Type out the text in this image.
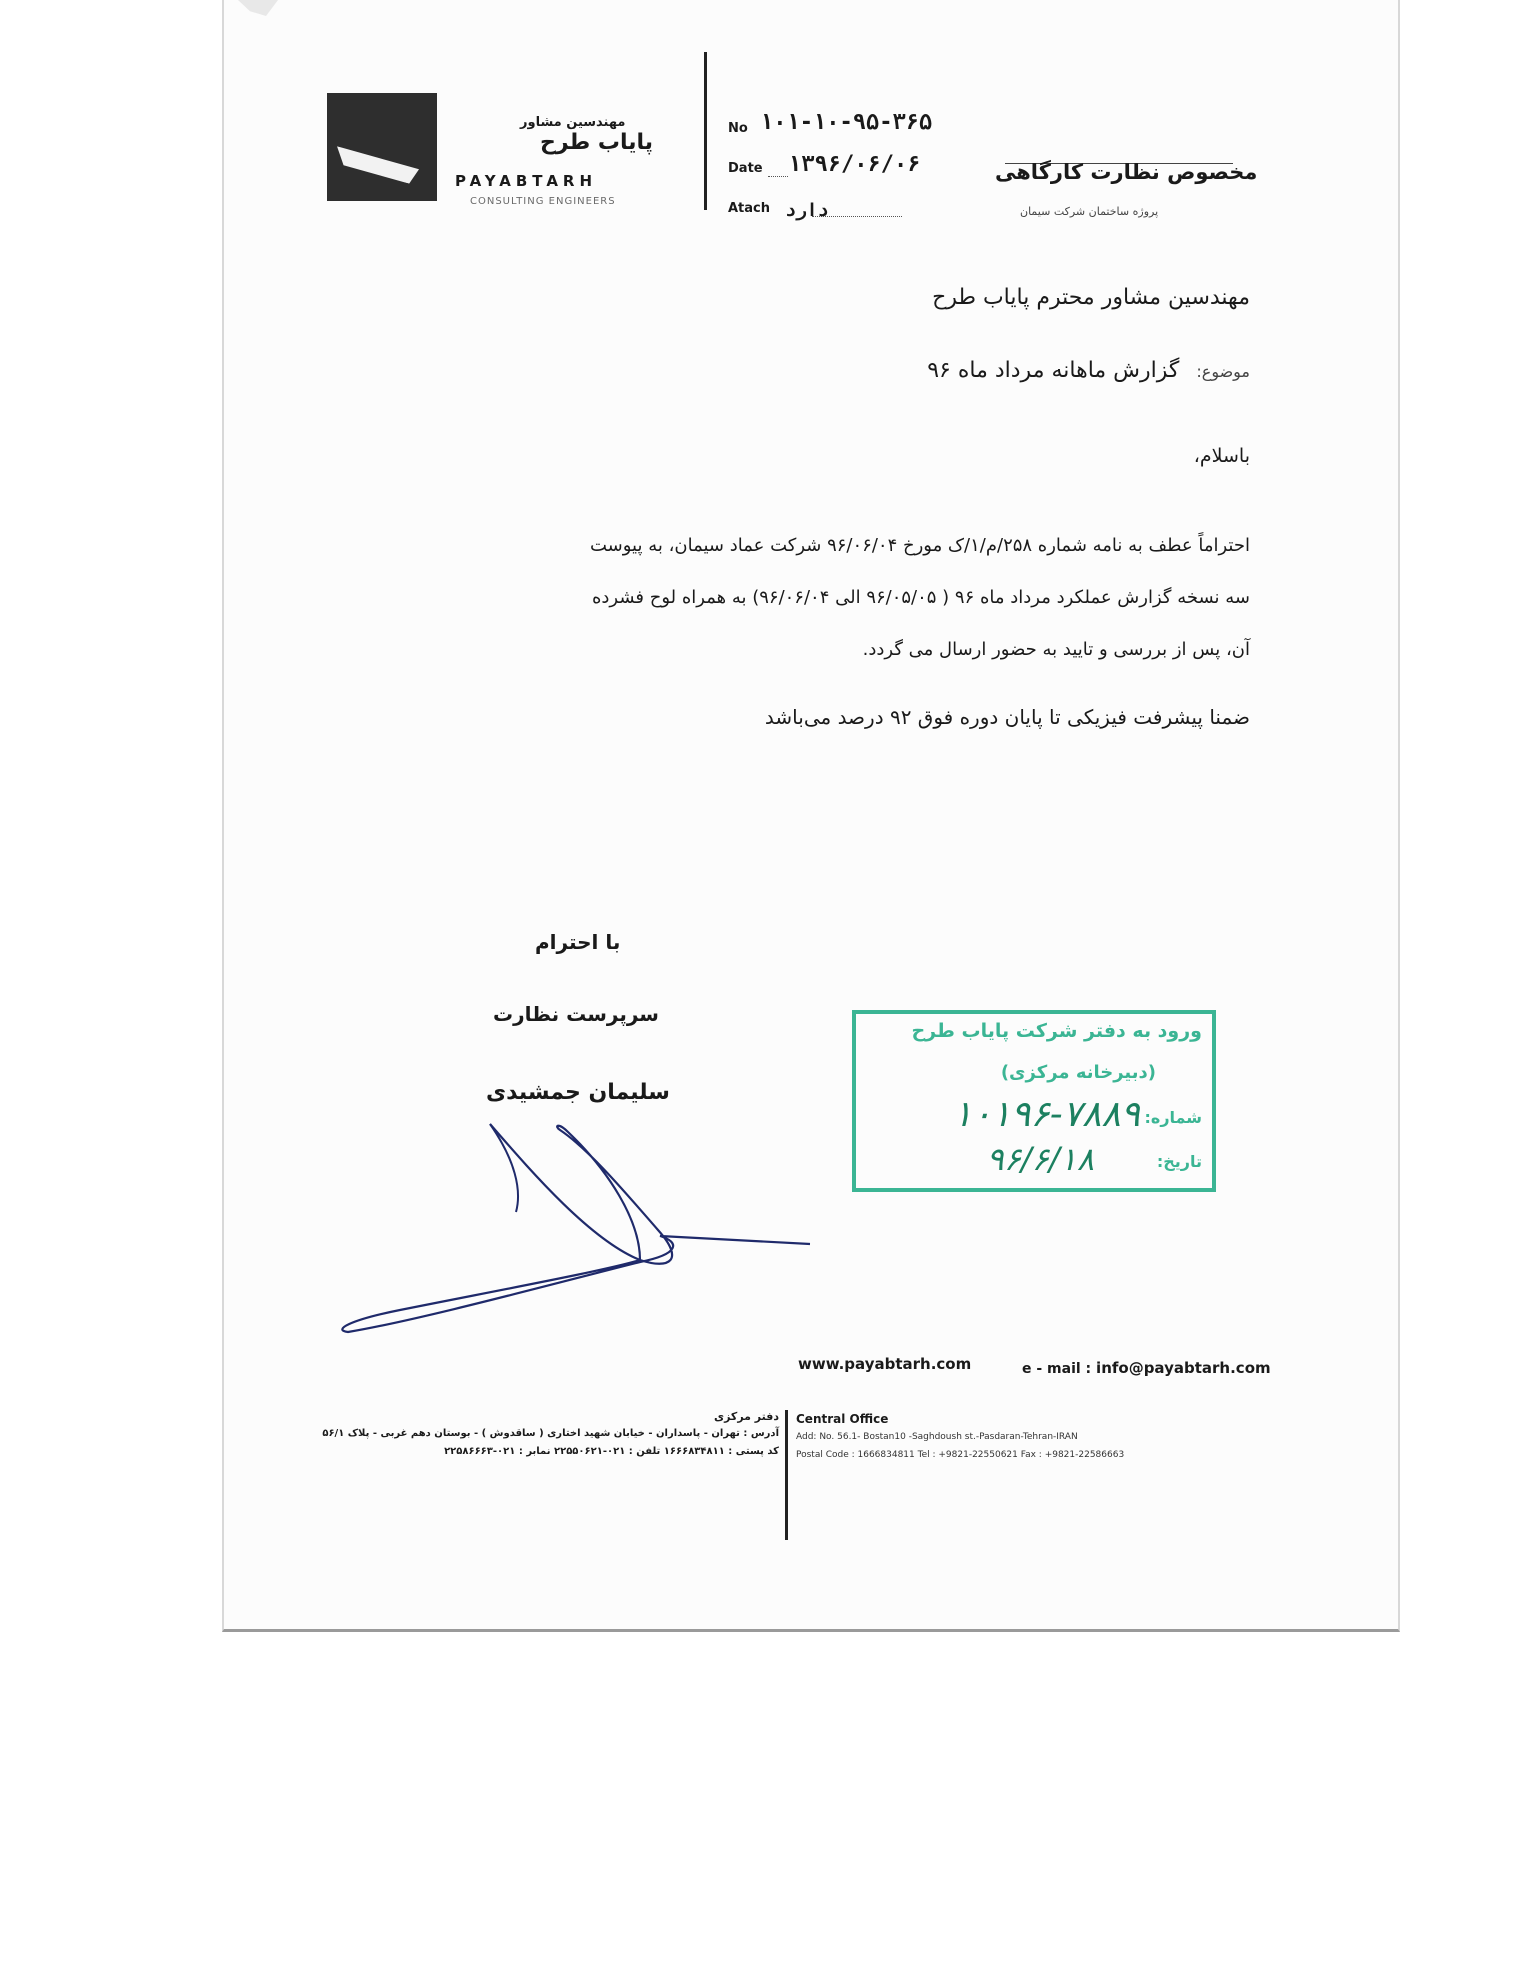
مهندسین مشاور
پایاب طرح
PAYABTARH
CONSULTING ENGINEERS
No ۱۰۱-۱۰-۹۵-۳۶۵
Date ۱۳۹۶/۰۶/۰۶
Atach دارد
مخصوص نظارت کارگاهی
پروژه ساختمان شرکت سیمان
مهندسین مشاور محترم پایاب طرح
موضوع: گزارش ماهانه مرداد ماه ۹۶
باسلام،
احتراماً عطف به نامه شماره ۲۵۸/م/۱/ک مورخ ۹۶/۰۶/۰۴ شرکت عماد سیمان، به پیوست
سه نسخه گزارش عملکرد مرداد ماه ۹۶ ( ۹۶/۰۵/۰۵ الی ۹۶/۰۶/۰۴) به همراه لوح فشرده
آن، پس از بررسی و تایید به حضور ارسال می گردد.
ضمنا پیشرفت فیزیکی تا پایان دوره فوق ۹۲ درصد می‌باشد
با احترام
سرپرست نظارت
سلیمان جمشیدی
ورود به دفتر شرکت پایاب طرح
(دبیرخانه مرکزی)
شماره:
۱۰۱۹۶-۷۸۸۹
تاریخ:
۹۶/۶/۱۸
www.payabtarh.com	e - mail : info@payabtarh.com
دفتر مرکزی
آدرس : تهران - پاسداران - خیابان شهید اختاری ( ساقدوش ) - بوستان دهم غربی - پلاک ۵۶/۱
کد پستی : ۱۶۶۶۸۳۴۸۱۱ تلفن : ۰۲۱-۲۲۵۵۰۶۲۱ نمابر : ۰۲۱-۲۲۵۸۶۶۶۳
Central Office
Add: No. 56.1- Bostan10 -Saghdoush st.-Pasdaran-Tehran-IRAN
Postal Code : 1666834811 Tel : +9821-22550621 Fax : +9821-22586663
